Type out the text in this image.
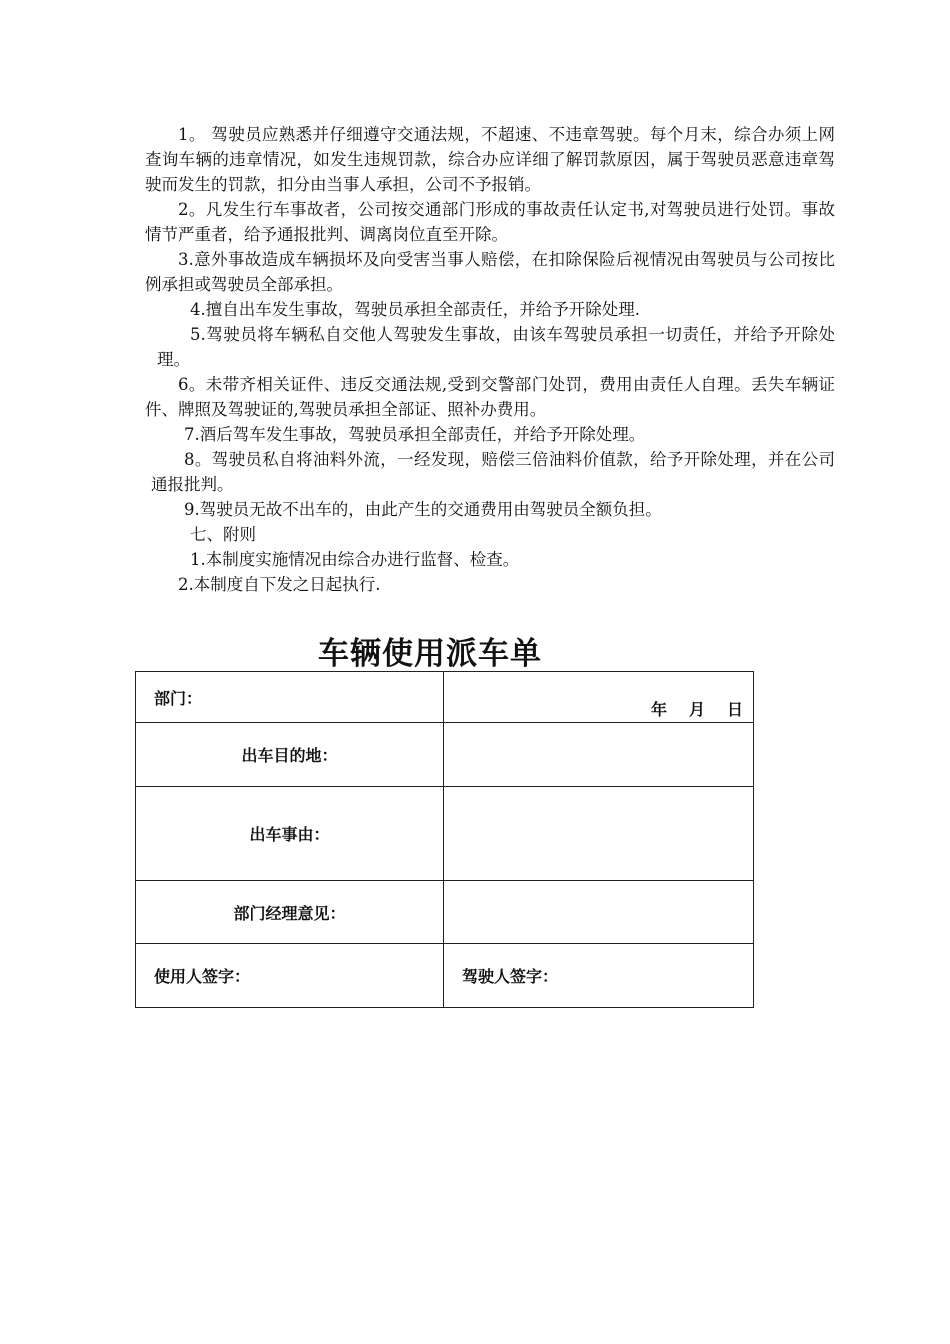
1。 驾驶员应熟悉并仔细遵守交通法规，不超速、不违章驾驶。每个月末，综合办须上网查询车辆的违章情况，如发生违规罚款，综合办应详细了解罚款原因，属于驾驶员恶意违章驾驶而发生的罚款，扣分由当事人承担，公司不予报销。

2。凡发生行车事故者，公司按交通部门形成的事故责任认定书,对驾驶员进行处罚。事故情节严重者，给予通报批判、调离岗位直至开除。

3.意外事故造成车辆损坏及向受害当事人赔偿，在扣除保险后视情况由驾驶员与公司按比例承担或驾驶员全部承担。

4.擅自出车发生事故，驾驶员承担全部责任，并给予开除处理.

5.驾驶员将车辆私自交他人驾驶发生事故，由该车驾驶员承担一切责任，并给予开除处理。

6。未带齐相关证件、违反交通法规,受到交警部门处罚，费用由责任人自理。丢失车辆证件、牌照及驾驶证的,驾驶员承担全部证、照补办费用。

7.酒后驾车发生事故，驾驶员承担全部责任，并给予开除处理。

8。驾驶员私自将油料外流，一经发现，赔偿三倍油料价值款，给予开除处理，并在公司通报批判。

9.驾驶员无故不出车的，由此产生的交通费用由驾驶员全额负担。

七、附则

1.本制度实施情况由综合办进行监督、检查。

2.本制度自下发之日起执行.

车辆使用派车单
部门：	年 月 日
出车目的地：	
出车事由：	
部门经理意见：	
使用人签字：	驾驶人签字：
